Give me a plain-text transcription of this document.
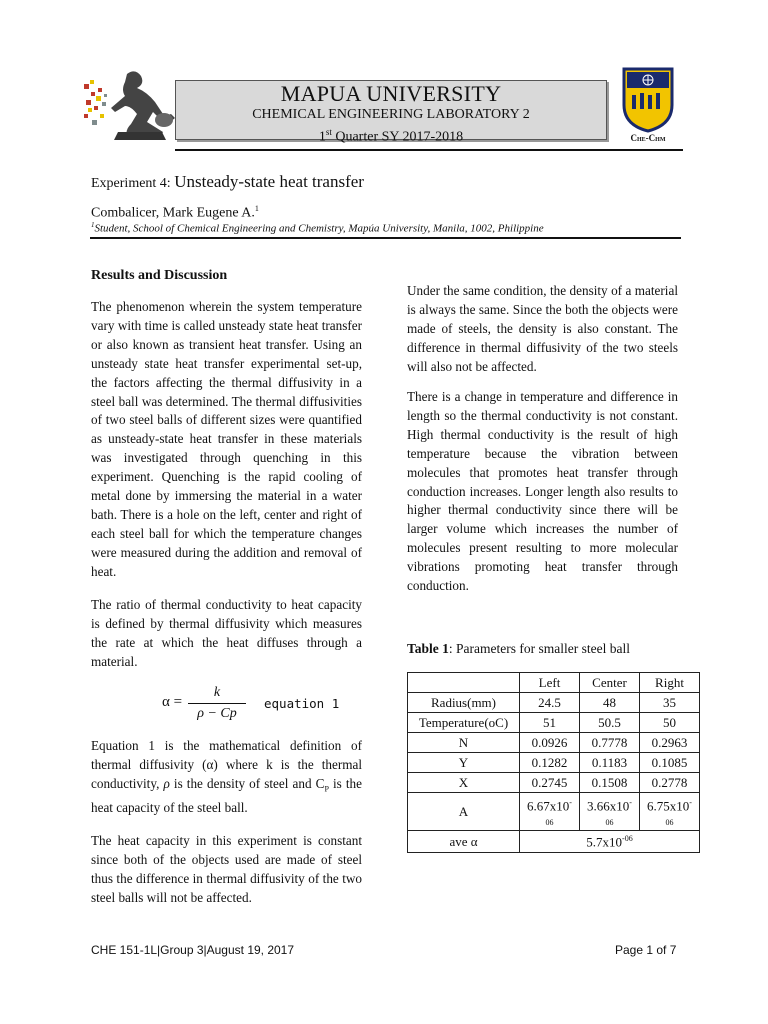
MAPUA UNIVERSITY
CHEMICAL ENGINEERING LABORATORY 2
1st Quarter SY 2017-2018	Che-Chm
Experiment 4: Unsteady-state heat transfer
Combalicer, Mark Eugene A.$^1$
$^1$Student, School of Chemical Engineering and Chemistry, Mapúa University, Manila, 1002, Philippine
Results and Discussion

The phenomenon wherein the system temperature vary with time is called unsteady state heat transfer or also known as transient heat transfer. Using an unsteady state heat transfer experimental set-up, the factors affecting the thermal diffusivity in a steel ball was determined. The thermal diffusivities of two steel balls of different sizes were quantified as unsteady-state heat transfer in these materials was investigated through quenching in this experiment. Quenching is the rapid cooling of metal done by immersing the material in a water bath. There is a hole on the left, center and right of each steel ball for which the temperature changes were measured during the addition and removal of heat.

The ratio of thermal conductivity to heat capacity is defined by thermal diffusivity which measures the rate at which the heat diffuses through a material.

α =
k
ρ − Cp
equation 1

Equation 1 is the mathematical definition of thermal diffusivity (α) where k is the thermal conductivity, ρ is the density of steel and $C_P$ is the heat capacity of the steel ball.

The heat capacity in this experiment is constant since both of the objects used are made of steel thus the difference in thermal diffusivity of the two steel balls will not be affected.

Under the same condition, the density of a material is always the same. Since the both the objects were made of steels, the density is also constant. The difference in thermal diffusivity of the two steels will also not be affected.

There is a change in temperature and difference in length so the thermal conductivity is not constant. High thermal conductivity is the result of high temperature because the vibration between molecules that promotes heat transfer through conduction increases. Longer length also results to higher thermal conductivity since there will be larger volume which increases the number of molecules present resulting to more molecular vibrations promoting heat transfer through conduction.

Table 1: Parameters for smaller steel ball
	Left	Center	Right
Radius(mm)	24.5	48	35
Temperature(oC)	51	50.5	50
N	0.0926	0.7778	0.2963
Y	0.1282	0.1183	0.1085
X	0.2745	0.1508	0.2778
A	6.67x10-
06	3.66x10-
06	6.75x10-
06
ave α	$5.7x10^{-06}$
CHE 151-1L|Group 3|August 19, 2017	Page 1 of 7
